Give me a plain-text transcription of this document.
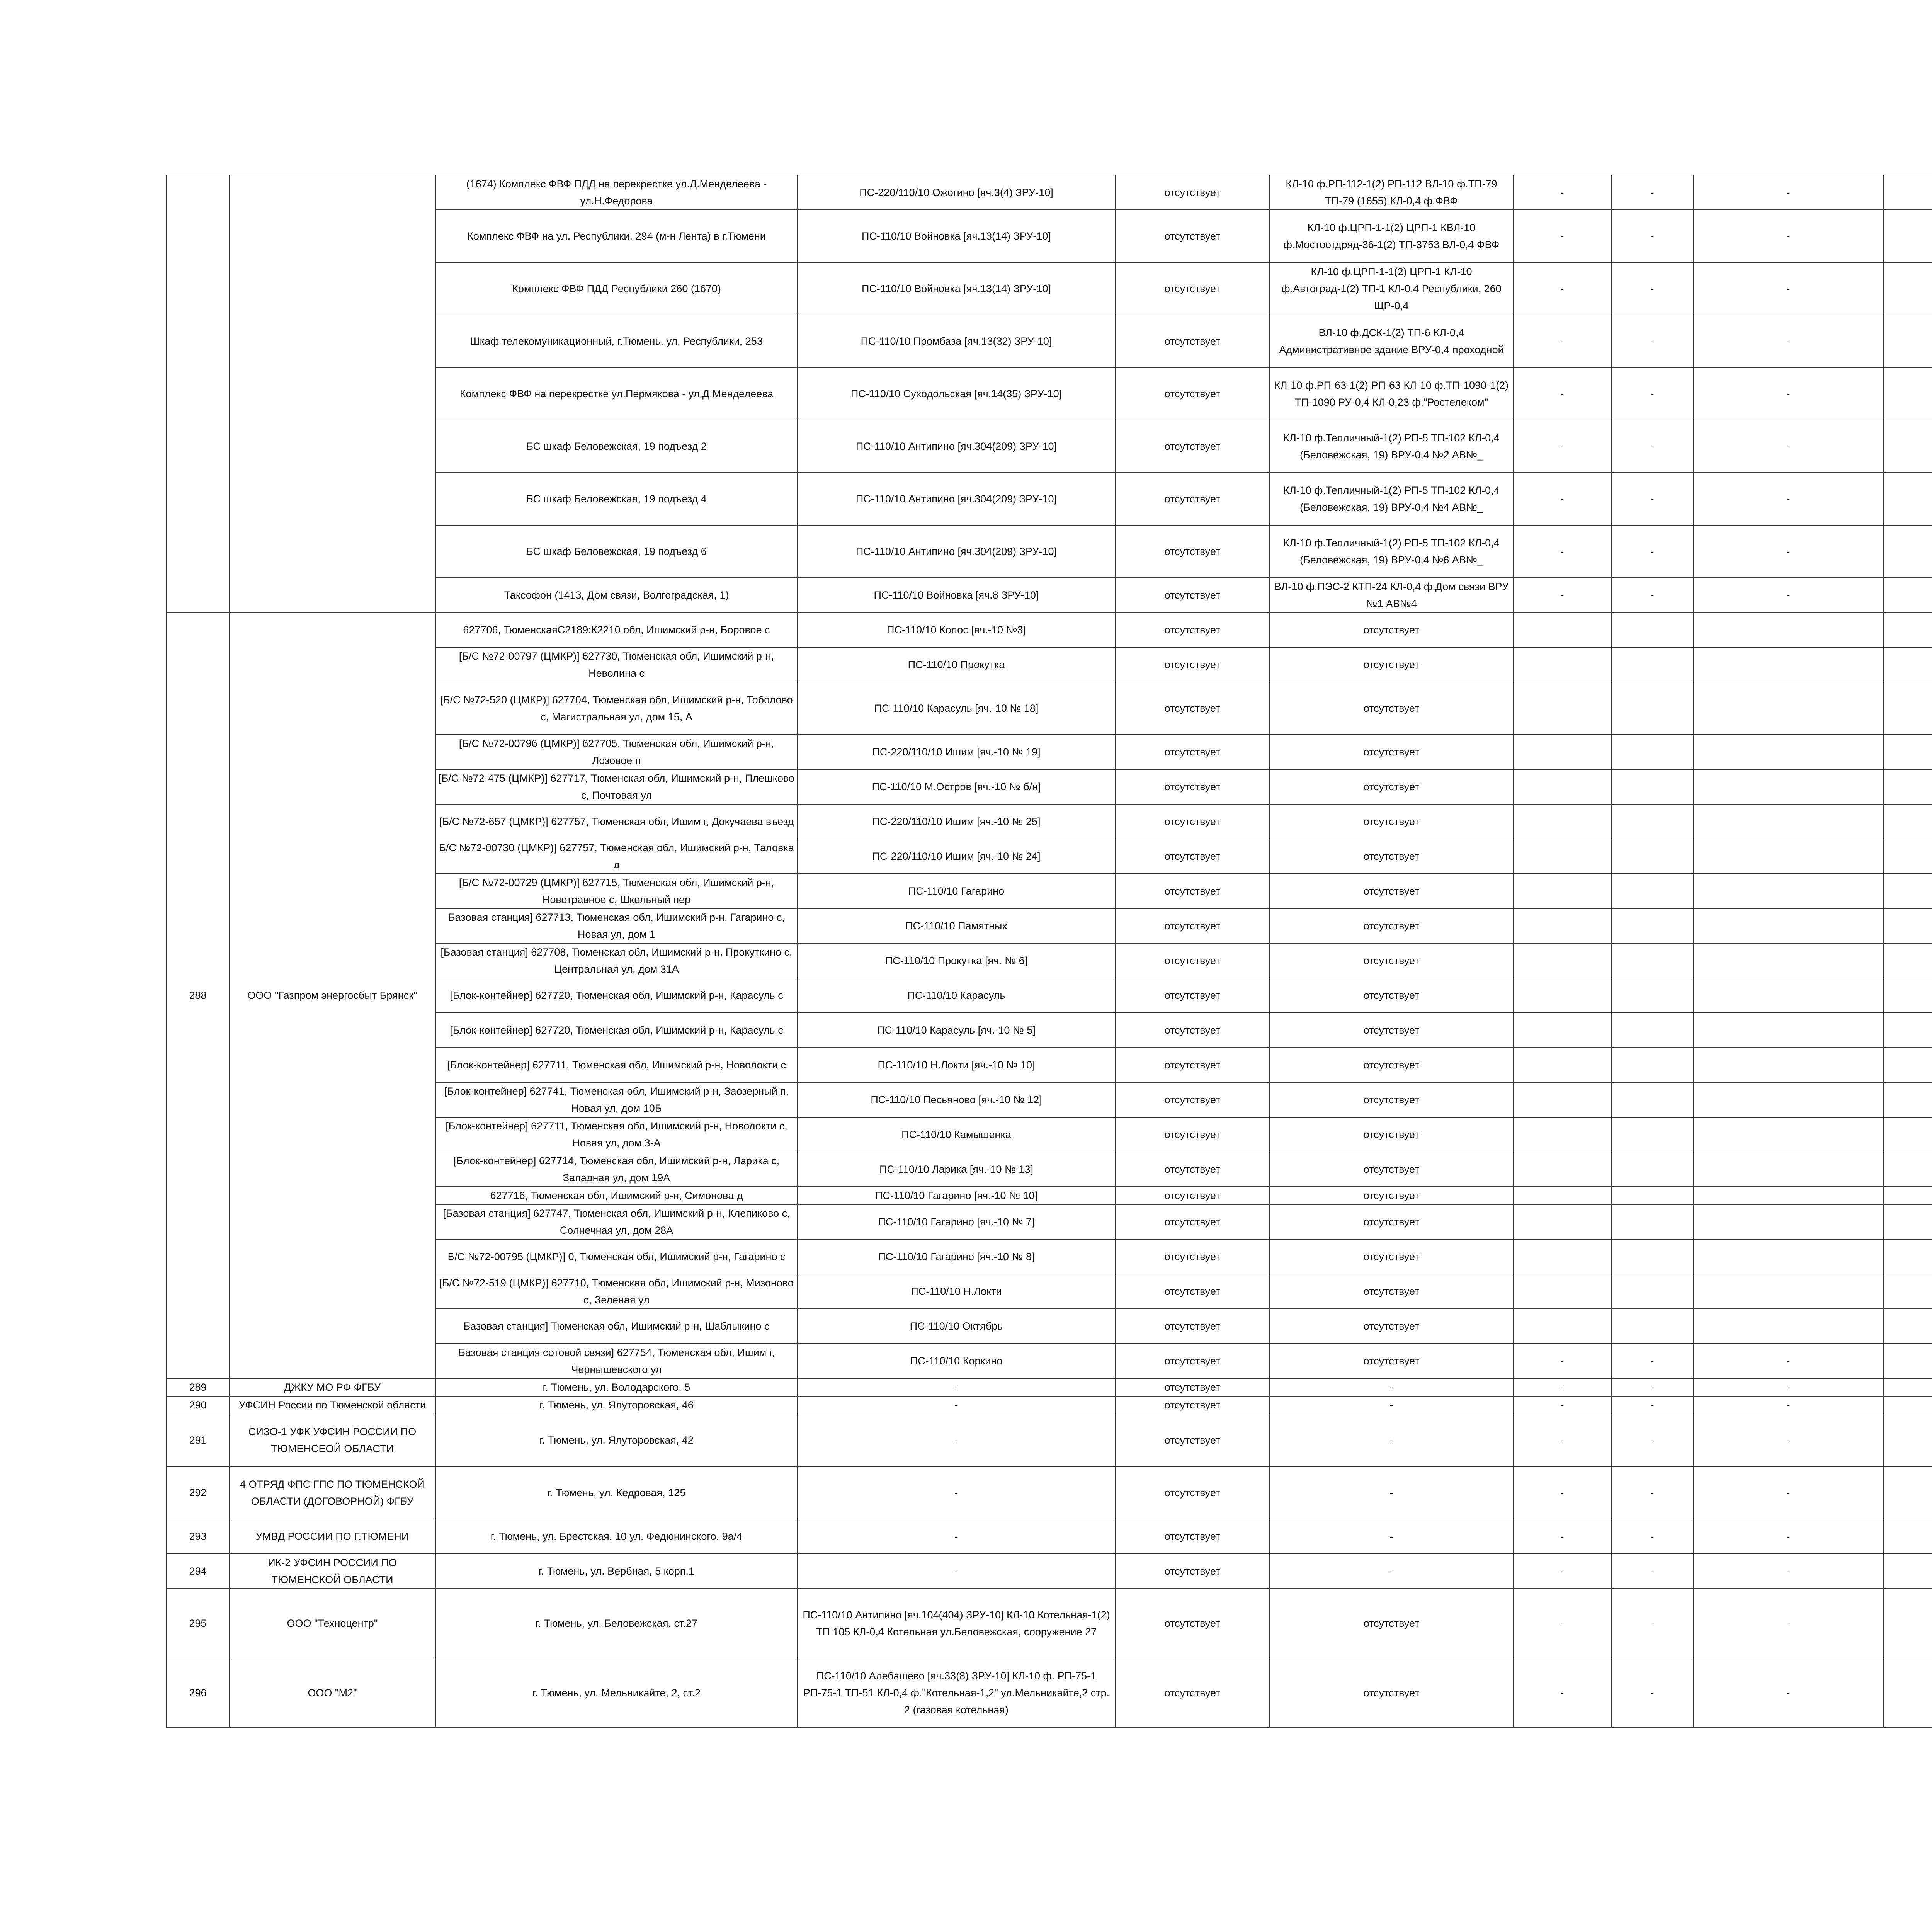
		(1674) Комплекс ФВФ ПДД на перекрестке ул.Д.Менделеева - ул.Н.Федорова	ПС-220/110/10 Ожогино [яч.3(4) ЗРУ-10]	отсутствует	КЛ-10 ф.РП-112-1(2) РП-112 ВЛ-10 ф.ТП-79 ТП-79 (1655) КЛ-0,4 ф.ФВФ	-	-	-		
		Комплекс ФВФ на ул. Республики, 294 (м-н Лента) в г.Тюмени	ПС-110/10 Войновка [яч.13(14) ЗРУ-10]	отсутствует	КЛ-10 ф.ЦРП-1-1(2) ЦРП-1 КВЛ-10 ф.Мостоотдряд-36-1(2) ТП-3753 ВЛ-0,4 ФВФ	-	-	-		
		Комплекс ФВФ ПДД Республики 260 (1670)	ПС-110/10 Войновка [яч.13(14) ЗРУ-10]	отсутствует	КЛ-10 ф.ЦРП-1-1(2) ЦРП-1 КЛ-10 ф.Автоград-1(2) ТП-1 КЛ-0,4 Республики, 260 ЩР-0,4	-	-	-		
		Шкаф телекомуникационный, г.Тюмень, ул. Республики, 253	ПС-110/10 Промбаза [яч.13(32) ЗРУ-10]	отсутствует	ВЛ-10 ф.ДСК-1(2) ТП-6 КЛ-0,4 Административное здание ВРУ-0,4 проходной	-	-	-		
		Комплекс ФВФ на перекрестке ул.Пермякова - ул.Д.Менделеева	ПС-110/10 Суходольская [яч.14(35) ЗРУ-10]	отсутствует	КЛ-10 ф.РП-63-1(2) РП-63 КЛ-10 ф.ТП-1090-1(2) ТП-1090 РУ-0,4 КЛ-0,23 ф."Ростелеком"	-	-	-		
		БС шкаф Беловежская, 19 подъезд 2	ПС-110/10 Антипино [яч.304(209) ЗРУ-10]	отсутствует	КЛ-10 ф.Тепличный-1(2) РП-5 ТП-102 КЛ-0,4 (Беловежская, 19) ВРУ-0,4 №2 АВ№_	-	-	-		
		БС шкаф Беловежская, 19 подъезд 4	ПС-110/10 Антипино [яч.304(209) ЗРУ-10]	отсутствует	КЛ-10 ф.Тепличный-1(2) РП-5 ТП-102 КЛ-0,4 (Беловежская, 19) ВРУ-0,4 №4 АВ№_	-	-	-		
		БС шкаф Беловежская, 19 подъезд 6	ПС-110/10 Антипино [яч.304(209) ЗРУ-10]	отсутствует	КЛ-10 ф.Тепличный-1(2) РП-5 ТП-102 КЛ-0,4 (Беловежская, 19) ВРУ-0,4 №6 АВ№_	-	-	-		
		Таксофон (1413, Дом связи, Волгоградская, 1)	ПС-110/10 Войновка [яч.8 ЗРУ-10]	отсутствует	ВЛ-10 ф.ПЭС-2 КТП-24 КЛ-0,4 ф.Дом связи ВРУ №1 АВ№4	-	-	-		
288	ООО "Газпром энергосбыт Брянск"	627706, ТюменскаяС2189:К2210 обл, Ишимский р-н, Боровое с	ПС-110/10 Колос [яч.-10 №3]	отсутствует	отсутствует					
		[Б/С №72-00797 (ЦМКР)] 627730, Тюменская обл, Ишимский р-н, Неволина с	ПС-110/10 Прокутка	отсутствует	отсутствует					
		[Б/С №72-520 (ЦМКР)] 627704, Тюменская обл, Ишимский р-н, Тоболово с, Магистральная ул, дом 15, А	ПС-110/10 Карасуль [яч.-10 № 18]	отсутствует	отсутствует					
		[Б/С №72-00796 (ЦМКР)] 627705, Тюменская обл, Ишимский р-н, Лозовое п	ПС-220/110/10 Ишим [яч.-10 № 19]	отсутствует	отсутствует					
		[Б/С №72-475 (ЦМКР)] 627717, Тюменская обл, Ишимский р-н, Плешково с, Почтовая ул	ПС-110/10 М.Остров [яч.-10 № б/н]	отсутствует	отсутствует					
		[Б/С №72-657 (ЦМКР)] 627757, Тюменская обл, Ишим г, Докучаева въезд	ПС-220/110/10 Ишим [яч.-10 № 25]	отсутствует	отсутствует					
		Б/С №72-00730 (ЦМКР)] 627757, Тюменская обл, Ишимский р-н, Таловка д	ПС-220/110/10 Ишим [яч.-10 № 24]	отсутствует	отсутствует					
		[Б/С №72-00729 (ЦМКР)] 627715, Тюменская обл, Ишимский р-н, Новотравное с, Школьный пер	ПС-110/10 Гагарино	отсутствует	отсутствует					
		Базовая станция] 627713, Тюменская обл, Ишимский р-н, Гагарино с, Новая ул, дом 1	ПС-110/10 Памятных	отсутствует	отсутствует					
		[Базовая станция] 627708, Тюменская обл, Ишимский р-н, Прокуткино с, Центральная ул, дом 31А	ПС-110/10 Прокутка [яч. № 6]	отсутствует	отсутствует					
		[Блок-контейнер] 627720, Тюменская обл, Ишимский р-н, Карасуль с	ПС-110/10 Карасуль	отсутствует	отсутствует					
		[Блок-контейнер] 627720, Тюменская обл, Ишимский р-н, Карасуль с	ПС-110/10 Карасуль [яч.-10 № 5]	отсутствует	отсутствует					
		[Блок-контейнер] 627711, Тюменская обл, Ишимский р-н, Новолокти с	ПС-110/10 Н.Локти [яч.-10 № 10]	отсутствует	отсутствует					
		[Блок-контейнер] 627741, Тюменская обл, Ишимский р-н, Заозерный п, Новая ул, дом 10Б	ПС-110/10 Песьяново [яч.-10 № 12]	отсутствует	отсутствует					
		[Блок-контейнер] 627711, Тюменская обл, Ишимский р-н, Новолокти с, Новая ул, дом 3-А	ПС-110/10 Камышенка	отсутствует	отсутствует					
		[Блок-контейнер] 627714, Тюменская обл, Ишимский р-н, Ларика с, Западная ул, дом 19А	ПС-110/10 Ларика [яч.-10 № 13]	отсутствует	отсутствует					
		627716, Тюменская обл, Ишимский р-н, Симонова д	ПС-110/10 Гагарино [яч.-10 № 10]	отсутствует	отсутствует					
		[Базовая станция] 627747, Тюменская обл, Ишимский р-н, Клепиково с, Солнечная ул, дом 28А	ПС-110/10 Гагарино [яч.-10 № 7]	отсутствует	отсутствует					
		Б/С №72-00795 (ЦМКР)] 0, Тюменская обл, Ишимский р-н, Гагарино с	ПС-110/10 Гагарино [яч.-10 № 8]	отсутствует	отсутствует					
		[Б/С №72-519 (ЦМКР)] 627710, Тюменская обл, Ишимский р-н, Мизоново с, Зеленая ул	ПС-110/10 Н.Локти	отсутствует	отсутствует					
		Базовая станция] Тюменская обл, Ишимский р-н, Шаблыкино с	ПС-110/10 Октябрь	отсутствует	отсутствует					
		Базовая станция сотовой связи] 627754, Тюменская обл, Ишим г, Чернышевского ул	ПС-110/10 Коркино	отсутствует	отсутствует	-	-	-		
289	ДЖКУ МО РФ ФГБУ	г. Тюмень, ул. Володарского, 5	-	отсутствует	-	-	-	-		
290	УФСИН России по Тюменской области	г. Тюмень, ул. Ялуторовская, 46	-	отсутствует	-	-	-	-		
291	СИЗО-1 УФК УФСИН РОССИИ ПО ТЮМЕНСЕОЙ ОБЛАСТИ	г. Тюмень, ул. Ялуторовская, 42	-	отсутствует	-	-	-	-		
292	4 ОТРЯД ФПС ГПС ПО ТЮМЕНСКОЙ ОБЛАСТИ (ДОГОВОРНОЙ) ФГБУ	г. Тюмень, ул. Кедровая, 125	-	отсутствует	-	-	-	-		
293	УМВД РОССИИ ПО Г.ТЮМЕНИ	г. Тюмень, ул. Брестская, 10 ул. Федюнинского, 9а/4	-	отсутствует	-	-	-	-		
294	ИК-2 УФСИН РОССИИ ПО ТЮМЕНСКОЙ ОБЛАСТИ	г. Тюмень, ул. Вербная, 5 корп.1	-	отсутствует	-	-	-	-		
295	ООО "Техноцентр"	г. Тюмень, ул. Беловежская, ст.27	ПС-110/10 Антипино [яч.104(404) ЗРУ-10] КЛ-10 Котельная-1(2) ТП 105 КЛ-0,4 Котельная ул.Беловежская, сооружение 27	отсутствует	отсутствует	-	-	-		
296	ООО "М2"	г. Тюмень, ул. Мельникайте, 2, ст.2	ПС-110/10 Алебашево [яч.33(8) ЗРУ-10] КЛ-10 ф. РП-75-1 РП-75-1 ТП-51 КЛ-0,4 ф."Котельная-1,2" ул.Мельникайте,2 стр. 2 (газовая котельная)	отсутствует	отсутствует	-	-	-		
